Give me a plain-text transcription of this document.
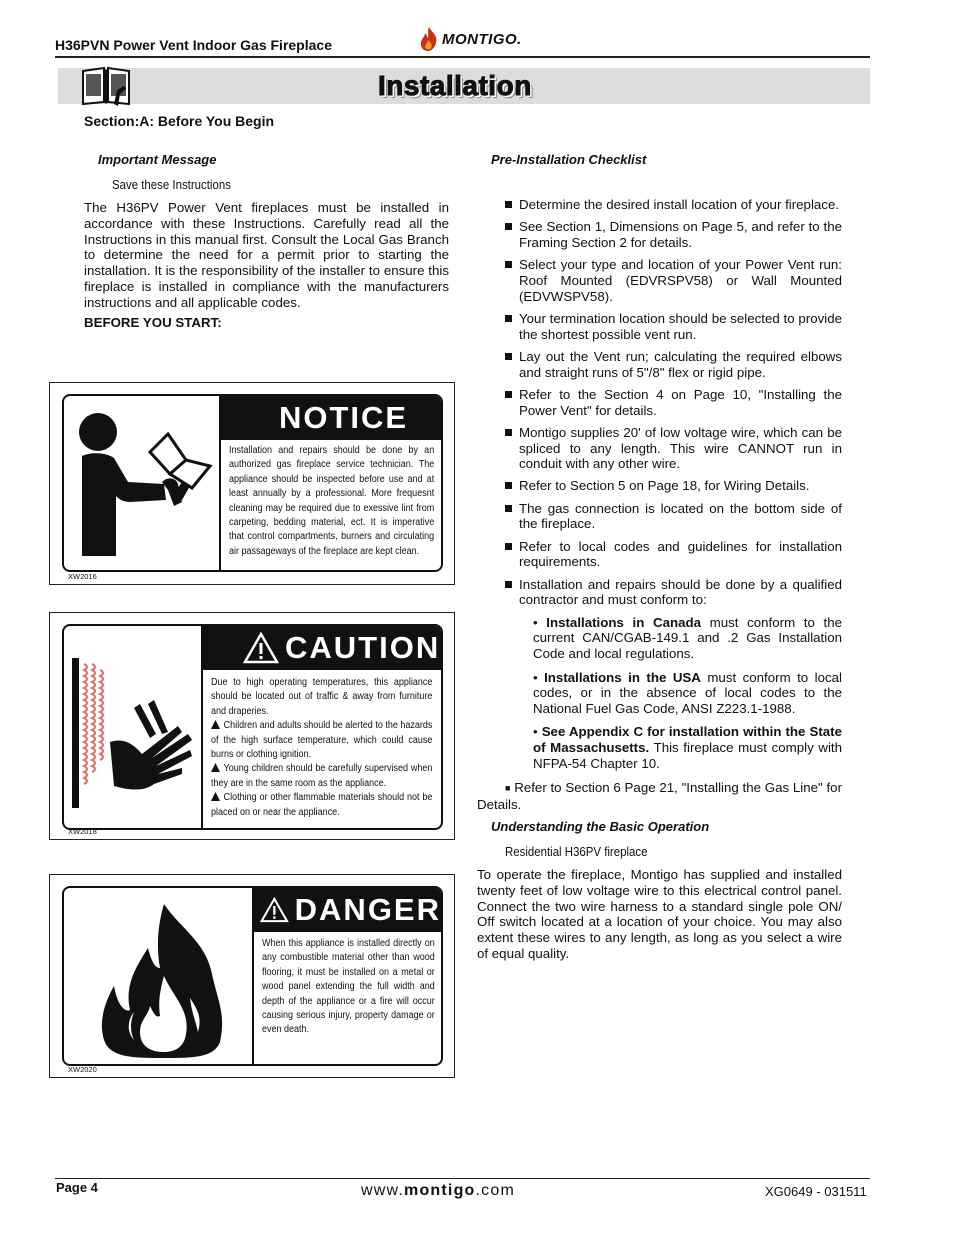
H36PVN Power Vent Indoor Gas Fireplace	MONTIGO.
Installation
Section:A: Before You Begin
Important Message
Save these Instructions
The H36PV Power Vent fireplaces must be installed in accordance with these Instructions. Carefully read all the Instructions in this manual first. Consult the Local Gas Branch to determine the need for a permit prior to starting the installation. It is the responsibility of the installer to ensure this fireplace is installed in compliance with the manufacturers instructions and all applicable codes.
BEFORE YOU START:
NOTICE
Installation and repairs should be done by an authorized gas fireplace service technician. The appliance should be inspected before use and at least annually by a professional. More frequesnt cleaning may be required due to exessive lint from carpeting, bedding material, ect. It is imperative that control compartments, burners and circulating air passageways of the fireplace are kept clean.
XW2016
CAUTION
Due to high operating temperatures, this appliance should be located out of traffic & away from furniture and draperies.
Children and adults should be alerted to the hazards of the high surface temperature, which could cause burns or clothing ignition.
Young children should be carefully supervised when they are in the same room as the appliance.
Clothing or other flammable materials should not be placed on or near the appliance.
XW2018
DANGER
When this appliance is installed directly on any combustible material other than wood flooring, it must be installed on a metal or wood panel extending the full width and depth of the appliance or a fire will occur causing serious injury, property damage or even death.
XW2020
Pre-Installation Checklist
Determine the desired install location of your fireplace.
See Section 1, Dimensions on Page 5, and refer to the Framing Section 2 for details.
Select your type and location of your Power Vent run: Roof Mounted (EDVRSPV58) or Wall Mounted (EDVWSPV58).
Your termination location should be selected to provide the shortest possible vent run.
Lay out the Vent run; calculating the required elbows and straight runs of 5"/8" flex or rigid pipe.
Refer to the Section 4 on Page 10, "Installing the Power Vent" for details.
Montigo supplies 20' of low voltage wire, which can be spliced to any length. This wire CANNOT run in conduit with any other wire.
Refer to Section 5 on Page 18, for Wiring Details.
The gas connection is located on the bottom side of the fireplace.
Refer to local codes and guidelines for installation requirements.
Installation and repairs should be done by a qualified contractor and must conform to:
• Installations in Canada must conform to the current CAN/CGAB-149.1 and .2 Gas Installation Code and local regulations.
• Installations in the USA must conform to local codes, or in the absence of local codes to the National Fuel Gas Code, ANSI Z223.1-1988.
• See Appendix C for installation within the State of Massachusetts. This fireplace must comply with NFPA-54 Chapter 10.
■ Refer to Section 6 Page 21, "Installing the Gas Line" for Details.
Understanding the Basic Operation
Residential H36PV fireplace
To operate the fireplace, Montigo has supplied and installed twenty feet of low voltage wire to this electrical control panel. Connect the two wire harness to a standard single pole ON/ Off switch located at a location of your choice. You may also extent these wires to any length, as long as you select a wire of equal quality.
Page 4	www.montigo.com	XG0649 - 031511
